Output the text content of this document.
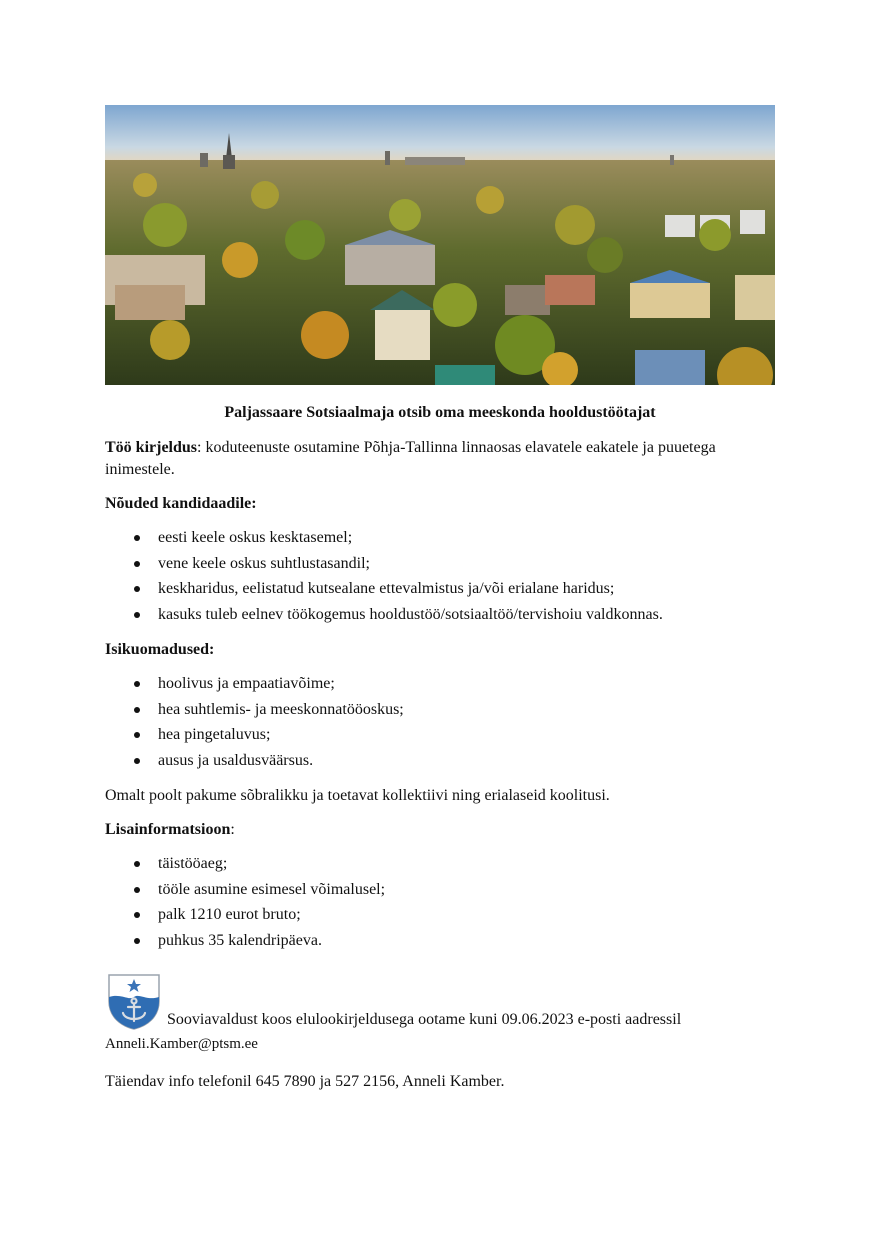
Paljassaare Sotsiaalmaja otsib oma meeskonda hooldustöötajat

Töö kirjeldus: koduteenuste osutamine Põhja-Tallinna linnaosas elavatele eakatele ja puuetega inimestele.

Nõuded kandidaadile:

eesti keele oskus kesktasemel;
vene keele oskus suhtlustasandil;
keskharidus, eelistatud kutsealane ettevalmistus ja/või erialane haridus;
kasuks tuleb eelnev töökogemus hooldustöö/sotsiaaltöö/tervishoiu valdkonnas.

Isikuomadused:

hoolivus ja empaatiavõime;
hea suhtlemis- ja meeskonnatööoskus;
hea pingetaluvus;
ausus ja usaldusväärsus.

Omalt poolt pakume sõbralikku ja toetavat kollektiivi ning erialaseid koolitusi.

Lisainformatsioon:

täistööaeg;
tööle asumine esimesel võimalusel;
palk 1210 eurot bruto;
puhkus 35 kalendripäeva.
Sooviavaldust koos elulookirjeldusega ootame kuni 09.06.2023 e-posti aadressil

Anneli.Kamber@ptsm.ee

Täiendav info telefonil 645 7890 ja 527 2156, Anneli Kamber.
